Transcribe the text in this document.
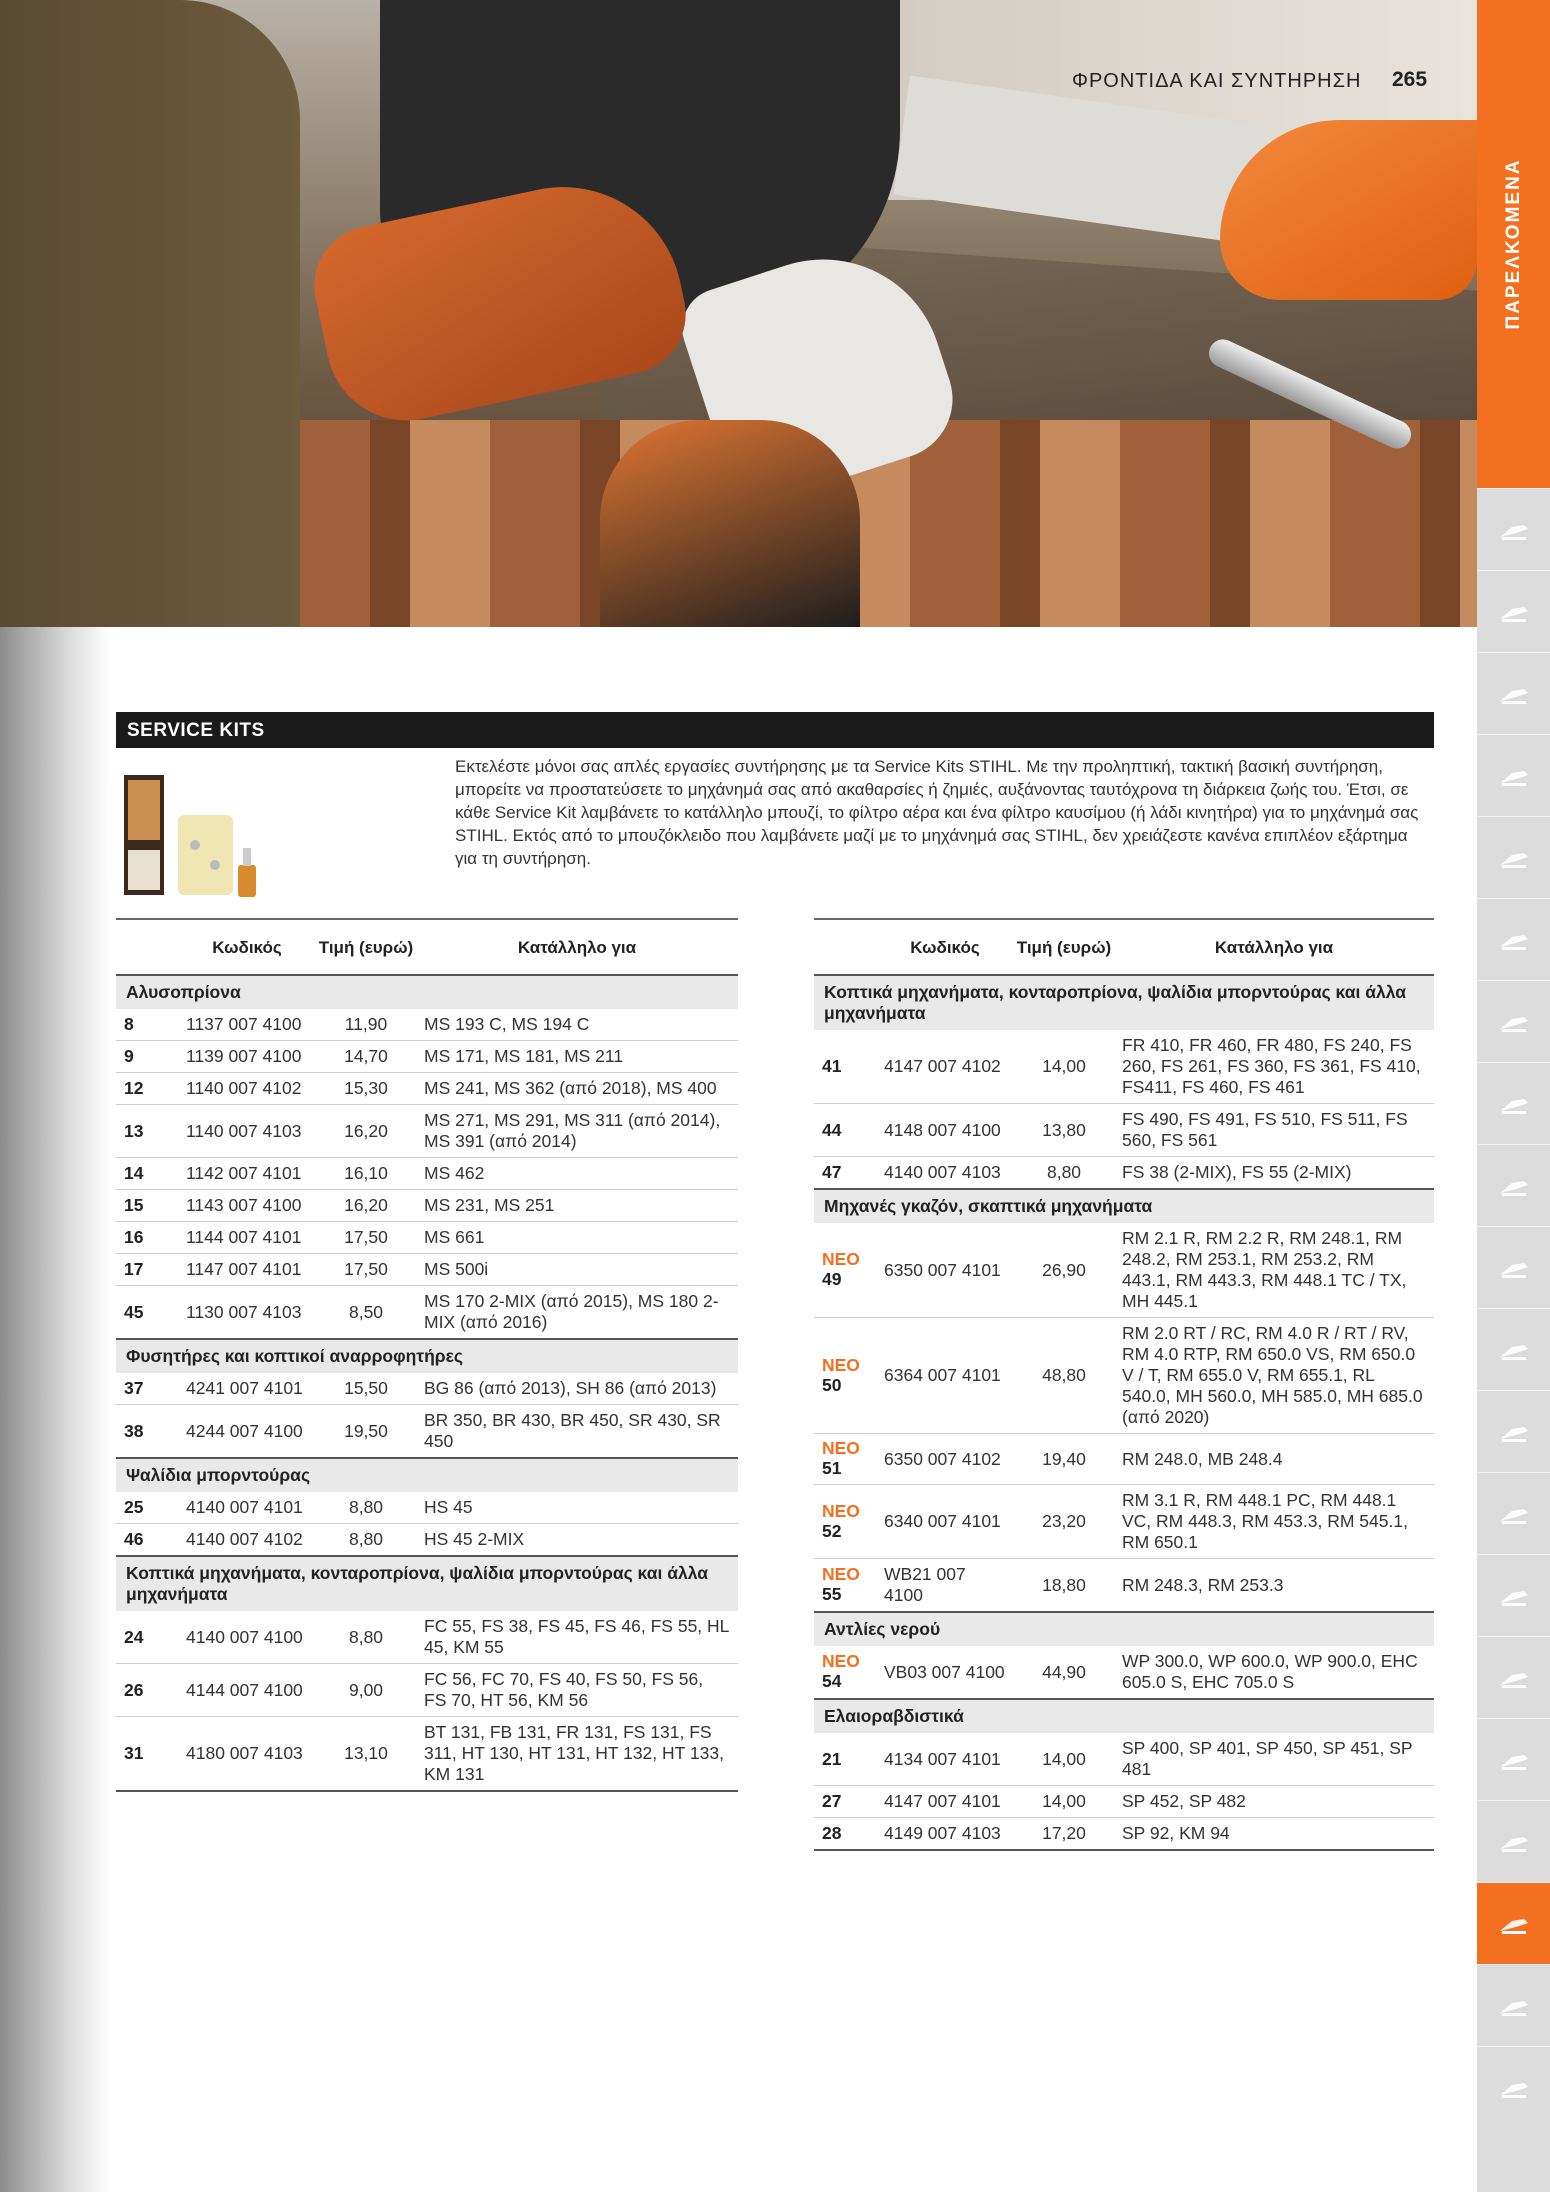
ΦΡΟΝΤΙΔΑ ΚΑΙ ΣΥΝΤΗΡΗΣΗ 265
ΠΑΡΕΛΚΟΜΕΝΑ
SERVICE KITS
Εκτελέστε μόνοι σας απλές εργασίες συντήρησης με τα Service Kits STIHL. Με την προληπτική, τακτική βασική συντήρηση, μπορείτε να προστατεύσετε το μηχάνημά σας από ακαθαρσίες ή ζημιές, αυξάνοντας ταυτόχρονα τη διάρκεια ζωής του. Έτσι, σε κάθε Service Kit λαμβάνετε το κατάλληλο μπουζί, το φίλτρο αέρα και ένα φίλτρο καυσίμου (ή λάδι κινητήρα) για το μηχάνημά σας STIHL. Εκτός από το μπουζόκλειδο που λαμβάνετε μαζί με το μηχάνημά σας STIHL, δεν χρειάζεστε κανένα επιπλέον εξάρτημα για τη συντήρηση.
	Κωδικός	Τιμή (ευρώ)	Κατάλληλο για
Αλυσοπρίονα			
8	1137 007 4100	11,90	MS 193 C, MS 194 C
9	1139 007 4100	14,70	MS 171, MS 181, MS 211
12	1140 007 4102	15,30	MS 241, MS 362 (από 2018), MS 400
13	1140 007 4103	16,20	MS 271, MS 291, MS 311 (από 2014), MS 391 (από 2014)
14	1142 007 4101	16,10	MS 462
15	1143 007 4100	16,20	MS 231, MS 251
16	1144 007 4101	17,50	MS 661
17	1147 007 4101	17,50	MS 500i
45	1130 007 4103	8,50	MS 170 2-MIX (από 2015), MS 180 2-MIX (από 2016)
Φυσητήρες και κοπτικοί αναρροφητήρες			
37	4241 007 4101	15,50	BG 86 (από 2013), SH 86 (από 2013)
38	4244 007 4100	19,50	BR 350, BR 430, BR 450, SR 430, SR 450
Ψαλίδια μπορντούρας			
25	4140 007 4101	8,80	HS 45
46	4140 007 4102	8,80	HS 45 2-MIX
Κοπτικά μηχανήματα, κονταροπρίονα, ψαλίδια μπορντούρας και άλλα μηχανήματα			
24	4140 007 4100	8,80	FC 55, FS 38, FS 45, FS 46, FS 55, HL 45, KM 55
26	4144 007 4100	9,00	FC 56, FC 70, FS 40, FS 50, FS 56, FS 70, HT 56, KM 56
31	4180 007 4103	13,10	BT 131, FB 131, FR 131, FS 131, FS 311, HT 130, HT 131, HT 132, HT 133, KM 131
	Κωδικός	Τιμή (ευρώ)	Κατάλληλο για
Κοπτικά μηχανήματα, κονταροπρίονα, ψαλίδια μπορντούρας και άλλα μηχανήματα			
41	4147 007 4102	14,00	FR 410, FR 460, FR 480, FS 240, FS 260, FS 261, FS 360, FS 361, FS 410, FS411, FS 460, FS 461
44	4148 007 4100	13,80	FS 490, FS 491, FS 510, FS 511, FS 560, FS 561
47	4140 007 4103	8,80	FS 38 (2-MIX), FS 55 (2-MIX)
Μηχανές γκαζόν, σκαπτικά μηχανήματα			

ΝΕΟ
49	6350 007 4101	26,90	RM 2.1 R, RM 2.2 R, RM 248.1, RM 248.2, RM 253.1, RM 253.2, RM 443.1, RM 443.3, RM 448.1 TC / TX, MH 445.1

ΝΕΟ
50	6364 007 4101	48,80	RM 2.0 RT / RC, RM 4.0 R / RT / RV, RM 4.0 RTP, RM 650.0 VS, RM 650.0 V / T, RM 655.0 V, RM 655.1, RL 540.0, MH 560.0, MH 585.0, MH 685.0 (από 2020)

ΝΕΟ
51	6350 007 4102	19,40	RM 248.0, MB 248.4

ΝΕΟ
52	6340 007 4101	23,20	RM 3.1 R, RM 448.1 PC, RM 448.1 VC, RM 448.3, RM 453.3, RM 545.1, RM 650.1

ΝΕΟ
55	WB21 007 4100	18,80	RM 248.3, RM 253.3
Αντλίες νερού			

ΝΕΟ
54	VB03 007 4100	44,90	WP 300.0, WP 600.0, WP 900.0, EHC 605.0 S, EHC 705.0 S
Ελαιοραβδιστικά			
21	4134 007 4101	14,00	SP 400, SP 401, SP 450, SP 451, SP 481
27	4147 007 4101	14,00	SP 452, SP 482
28	4149 007 4103	17,20	SP 92, KM 94
